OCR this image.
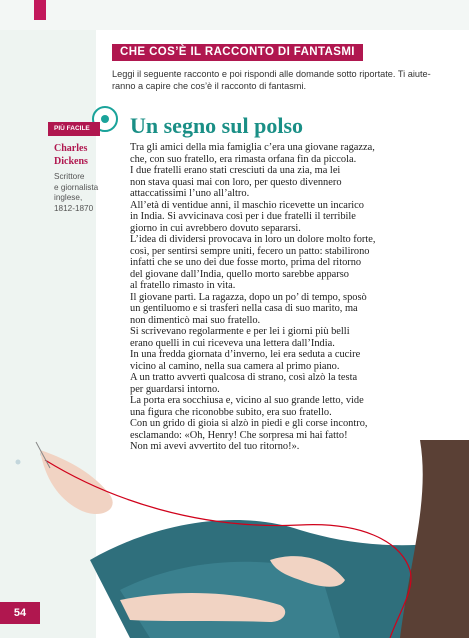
CHE COS’È IL RACCONTO DI FANTASMI
Leggi il seguente racconto e poi rispondi alle domande sotto riportate. Ti aiute-
ranno a capire che cos’è il racconto di fantasmi.
PIÙ FACILE
Charles
Dickens
Scrittore
e giornalista
inglese,
1812-1870
Un segno sul polso
Tra gli amici della mia famiglia c’era una giovane ragazza,
che, con suo fratello, era rimasta orfana fin da piccola.
I due fratelli erano stati cresciuti da una zia, ma lei
non stava quasi mai con loro, per questo divennero
attaccatissimi l’uno all’altro.
All’età di ventidue anni, il maschio ricevette un incarico
in India. Si avvicinava così per i due fratelli il terribile
giorno in cui avrebbero dovuto separarsi.
L’idea di dividersi provocava in loro un dolore molto forte,
così, per sentirsi sempre uniti, fecero un patto: stabilirono
infatti che se uno dei due fosse morto, prima del ritorno
del giovane dall’India, quello morto sarebbe apparso
al fratello rimasto in vita.
Il giovane partì. La ragazza, dopo un po’ di tempo, sposò
un gentiluomo e si trasferì nella casa di suo marito, ma
non dimenticò mai suo fratello.
Si scrivevano regolarmente e per lei i giorni più belli
erano quelli in cui riceveva una lettera dall’India.
In una fredda giornata d’inverno, lei era seduta a cucire
vicino al camino, nella sua camera al primo piano.
A un tratto avvertì qualcosa di strano, così alzò la testa
per guardarsi intorno.
La porta era socchiusa e, vicino al suo grande letto, vide
una figura che riconobbe subito, era suo fratello.
Con un grido di gioia si alzò in piedi e gli corse incontro,
esclamando: «Oh, Henry! Che sorpresa mi hai fatto!
Non mi avevi avvertito del tuo ritorno!».
54
